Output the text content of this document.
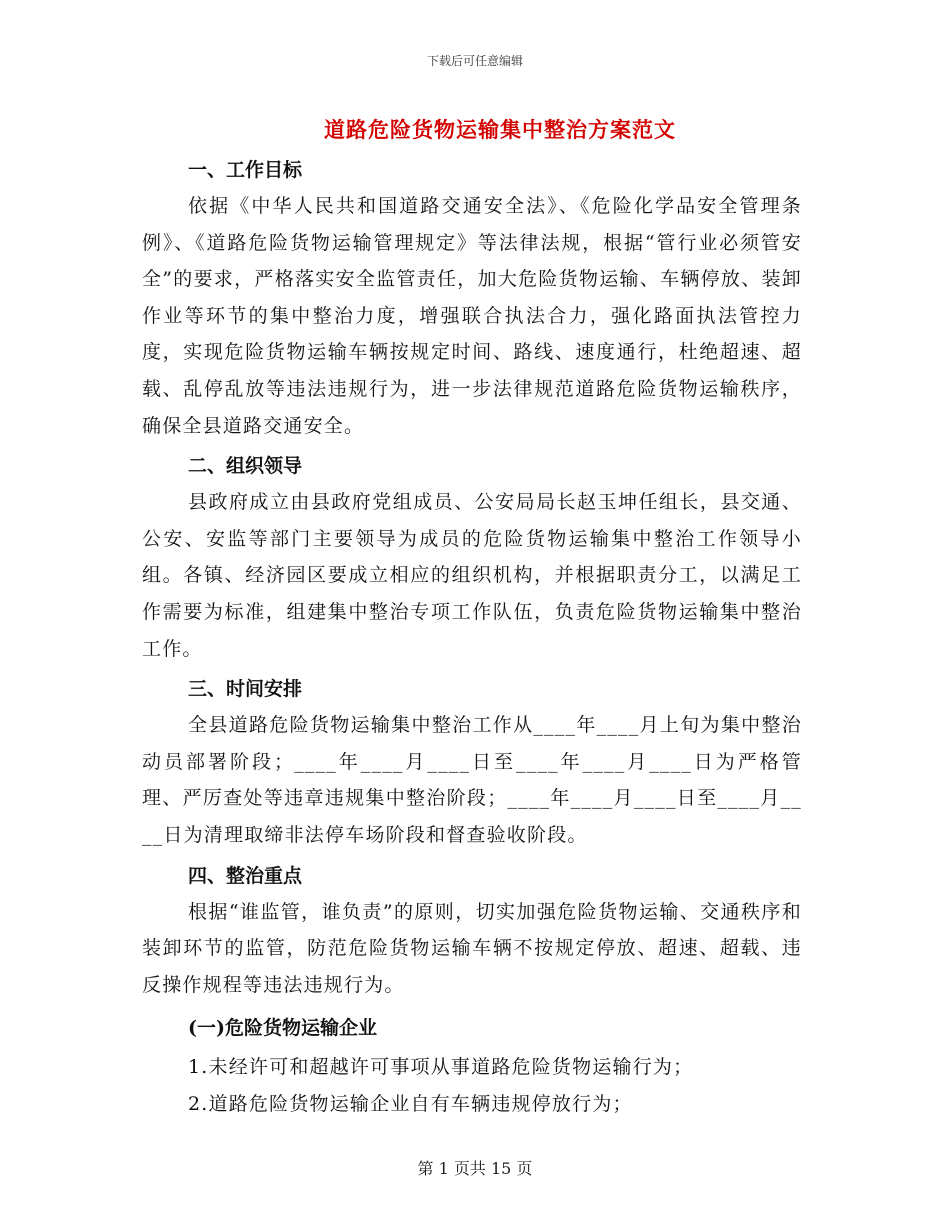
下载后可任意编辑
道路危险货物运输集中整治方案范文
一、工作目标

依据《中华人民共和国道路交通安全法》、《危险化学品安全管理条例》、《道路危险货物运输管理规定》等法律法规，根据“管行业必须管安全”的要求，严格落实安全监管责任，加大危险货物运输、车辆停放、装卸作业等环节的集中整治力度，增强联合执法合力，强化路面执法管控力度，实现危险货物运输车辆按规定时间、路线、速度通行，杜绝超速、超载、乱停乱放等违法违规行为，进一步法律规范道路危险货物运输秩序，确保全县道路交通安全。

二、组织领导

县政府成立由县政府党组成员、公安局局长赵玉坤任组长，县交通、公安、安监等部门主要领导为成员的危险货物运输集中整治工作领导小组。各镇、经济园区要成立相应的组织机构，并根据职责分工，以满足工作需要为标准，组建集中整治专项工作队伍，负责危险货物运输集中整治工作。

三、时间安排

全县道路危险货物运输集中整治工作从____年____月上旬为集中整治动员部署阶段；____年____月____日至____年____月____日为严格管理、严厉查处等违章违规集中整治阶段；____年____月____日至____月____日为清理取缔非法停车场阶段和督查验收阶段。

四、整治重点

根据“谁监管，谁负责”的原则，切实加强危险货物运输、交通秩序和装卸环节的监管，防范危险货物运输车辆不按规定停放、超速、超载、违反操作规程等违法违规行为。

(一)危险货物运输企业
1.未经许可和超越许可事项从事道路危险货物运输行为；
2.道路危险货物运输企业自有车辆违规停放行为；
第 1 页共 15 页
